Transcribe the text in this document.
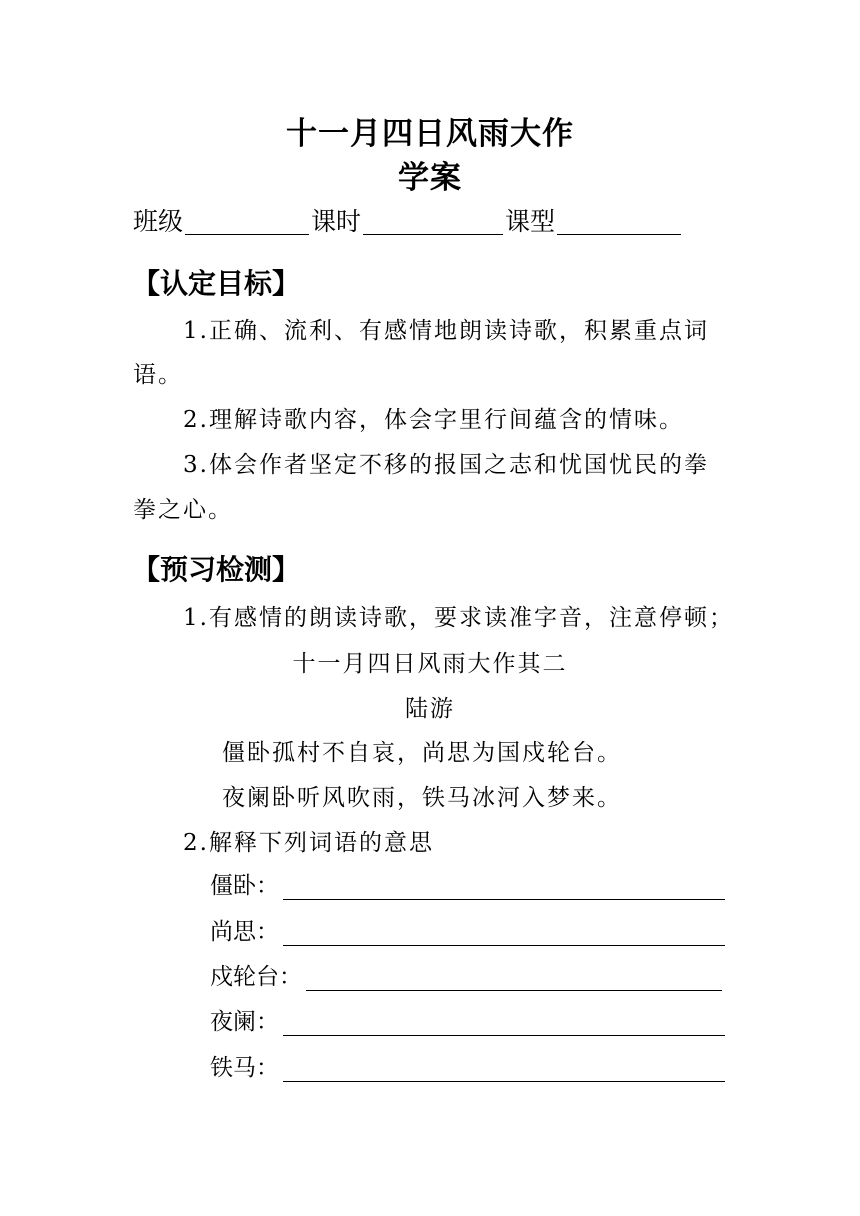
十一月四日风雨大作
学案
班级	课时	课型
【认定目标】
1.正确、流利、有感情地朗读诗歌，积累重点词
语。
2.理解诗歌内容，体会字里行间蕴含的情味。
3.体会作者坚定不移的报国之志和忧国忧民的拳
拳之心。
【预习检测】
1.有感情的朗读诗歌，要求读准字音，注意停顿；
十一月四日风雨大作其二
陆游
僵卧孤村不自哀，尚思为国戍轮台。
夜阑卧听风吹雨，铁马冰河入梦来。
2.解释下列词语的意思
僵卧：
尚思：
戍轮台：
夜阑：
铁马：
